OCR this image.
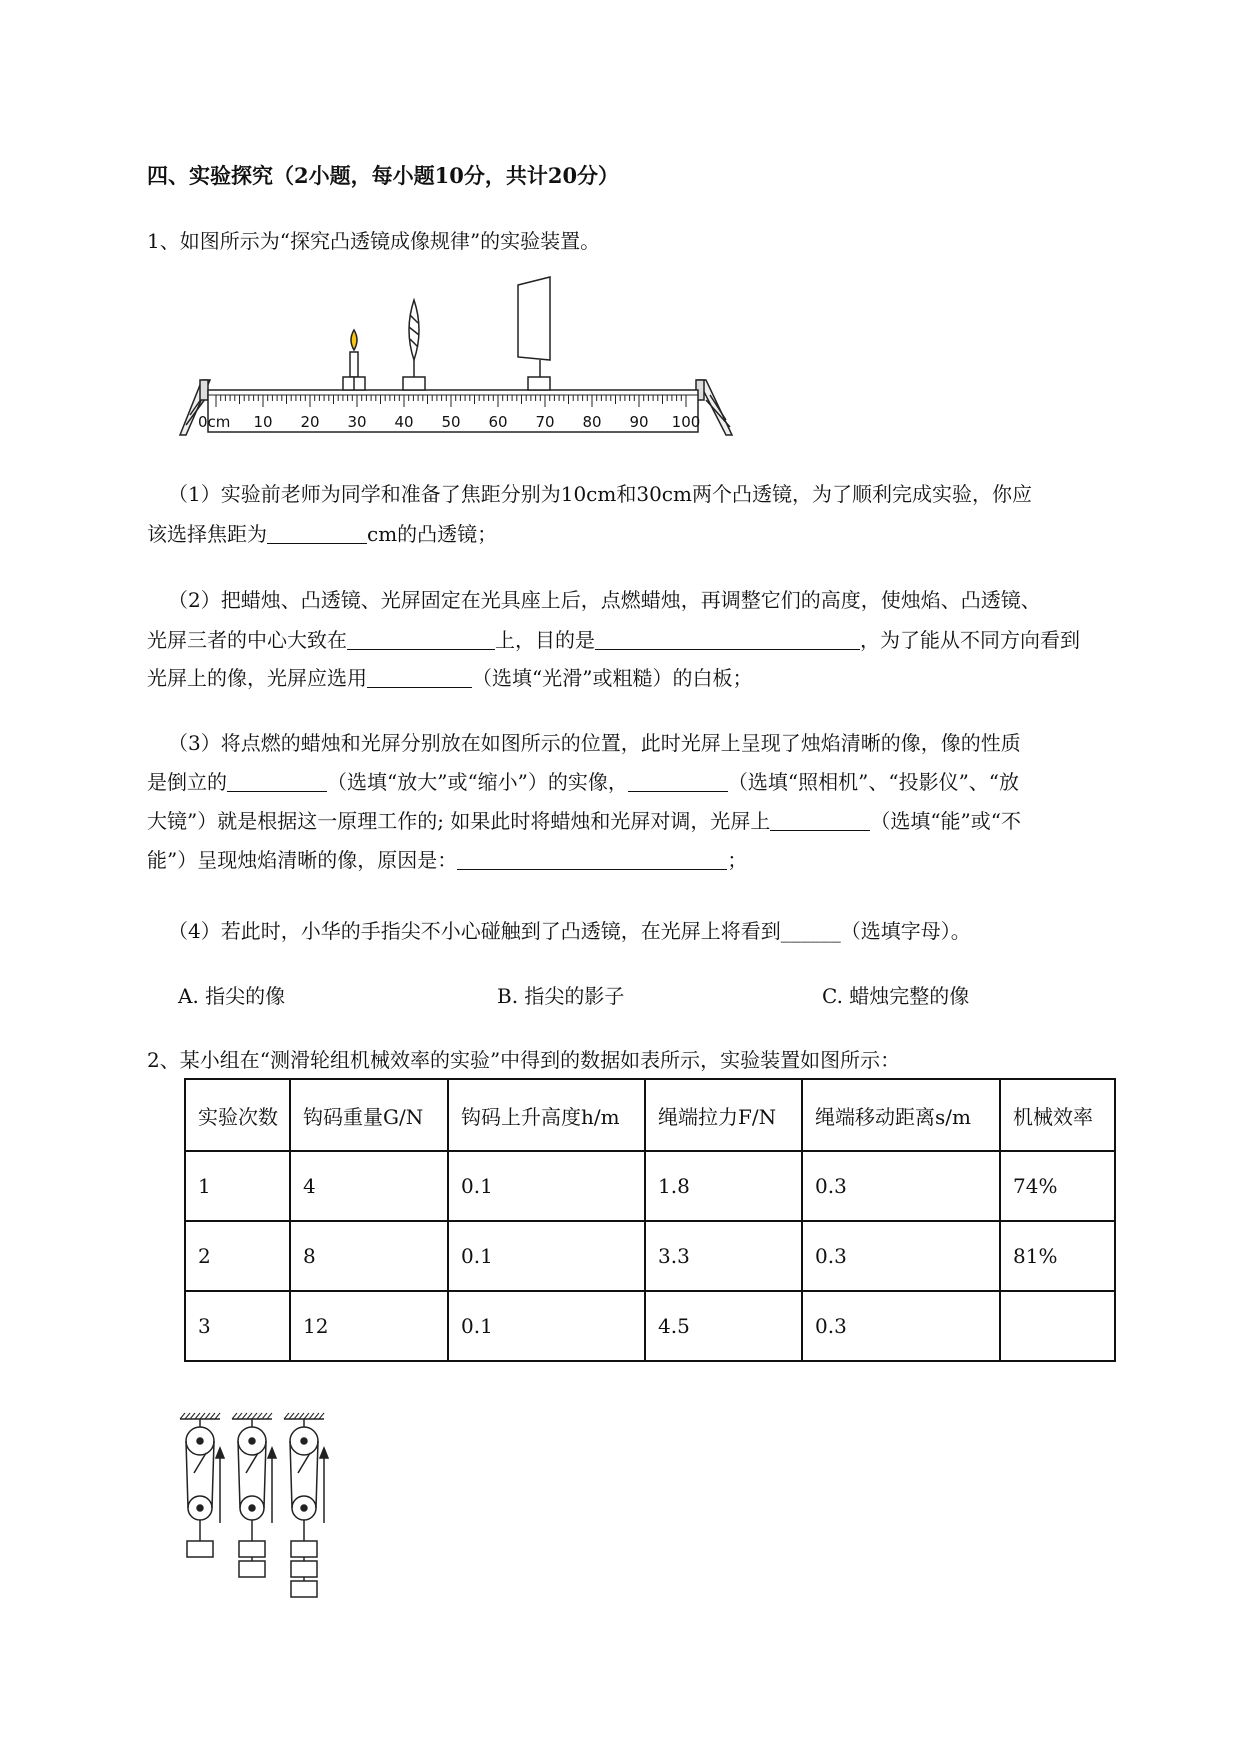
四、实验探究（2小题，每小题10分，共计20分）
1、如图所示为“探究凸透镜成像规律”的实验装置。
0cm 10 20 30 40 50 60 70 80 90 100
（1）实验前老师为同学和准备了焦距分别为10cm和30cm两个凸透镜，为了顺利完成实验，你应
该选择焦距为	cm的凸透镜；
（2）把蜡烛、凸透镜、光屏固定在光具座上后，点燃蜡烛，再调整它们的高度，使烛焰、凸透镜、
光屏三者的中心大致在	上，目的是	，为了能从不同方向看到
光屏上的像，光屏应选用	（选填“光滑”或粗糙）的白板；
（3）将点燃的蜡烛和光屏分别放在如图所示的位置，此时光屏上呈现了烛焰清晰的像，像的性质
是倒立的	（选填“放大”或“缩小”）的实像，	（选填“照相机”、“投影仪”、“放
大镜”）就是根据这一原理工作的; 如果此时将蜡烛和光屏对调，光屏上	（选填“能”或“不
能”）呈现烛焰清晰的像，原因是：	；
（4）若此时，小华的手指尖不小心碰触到了凸透镜，在光屏上将看到______（选填字母）。
A. 指尖的像	B. 指尖的影子	C. 蜡烛完整的像
2、某小组在“测滑轮组机械效率的实验”中得到的数据如表所示，实验装置如图所示：
实验次数	钩码重量G/N	钩码上升高度h/m	绳端拉力F/N	绳端移动距离s/m	机械效率
1	4	0.1	1.8	0.3	74%
2	8	0.1	3.3	0.3	81%
3	12	0.1	4.5	0.3	
